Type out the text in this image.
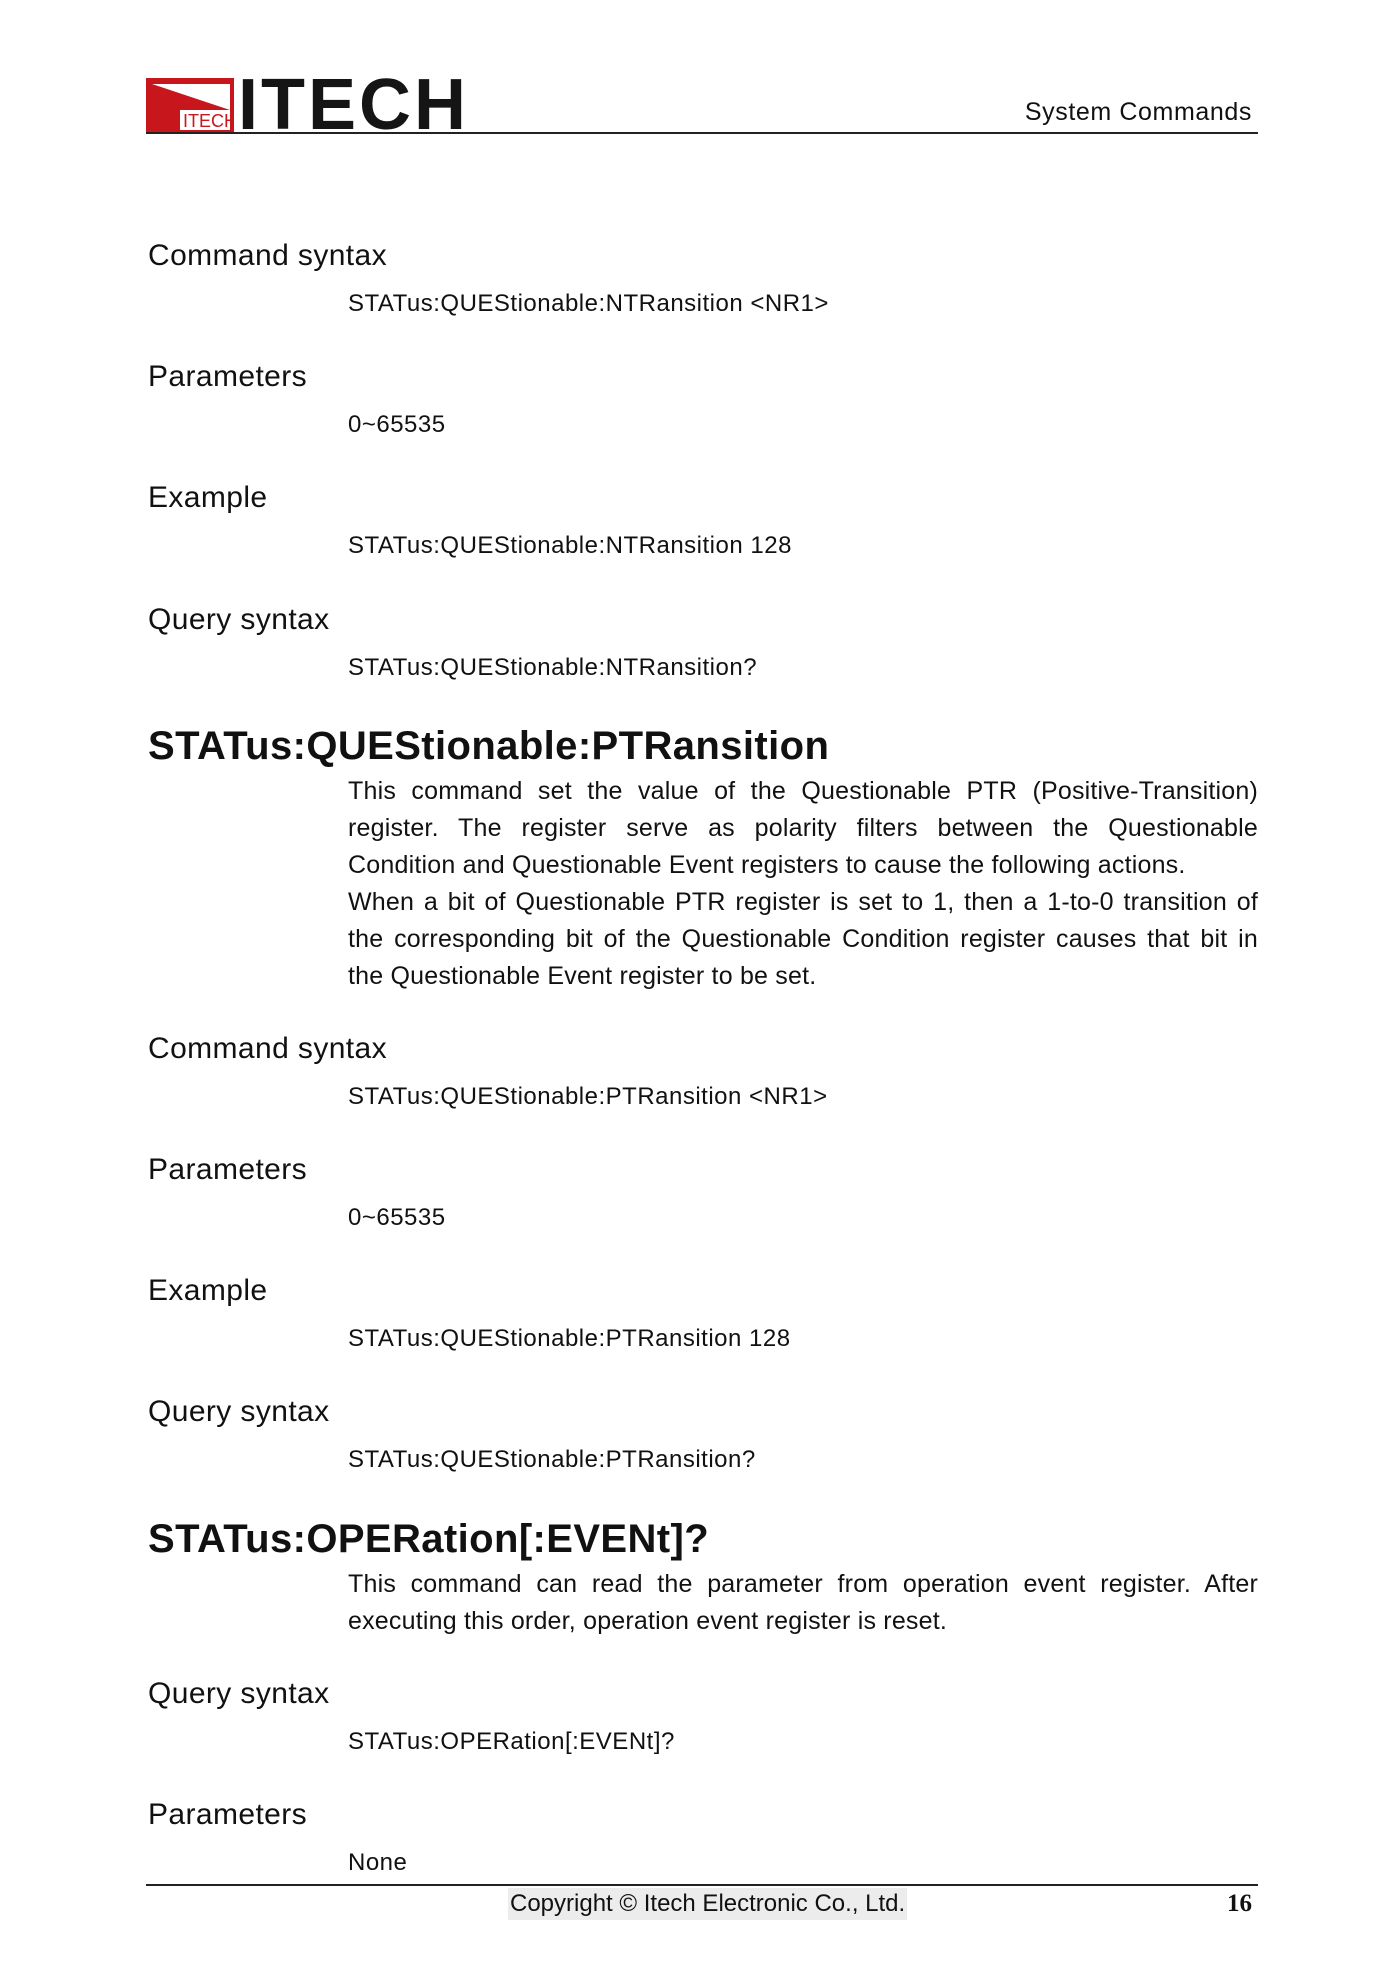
ITECH ITECH	System Commands

Command syntax

STATus:QUEStionable:NTRansition <NR1>

Parameters

0~65535

Example

STATus:QUEStionable:NTRansition 128

Query syntax

STATus:QUEStionable:NTRansition?
STATus:QUEStionable:PTRansition

This command set the value of the Questionable PTR (Positive-Transition) register. The register serve as polarity filters between the Questionable Condition and Questionable Event registers to cause the following actions.

When a bit of Questionable PTR register is set to 1, then a 1-to-0 transition of the corresponding bit of the Questionable Condition register causes that bit in the Questionable Event register to be set.

Command syntax

STATus:QUEStionable:PTRansition <NR1>

Parameters

0~65535

Example

STATus:QUEStionable:PTRansition 128

Query syntax

STATus:QUEStionable:PTRansition?
STATus:OPERation[:EVENt]?

This command can read the parameter from operation event register. After executing this order, operation event register is reset.

Query syntax

STATus:OPERation[:EVENt]?

Parameters

None
Copyright © Itech Electronic Co., Ltd.	16
